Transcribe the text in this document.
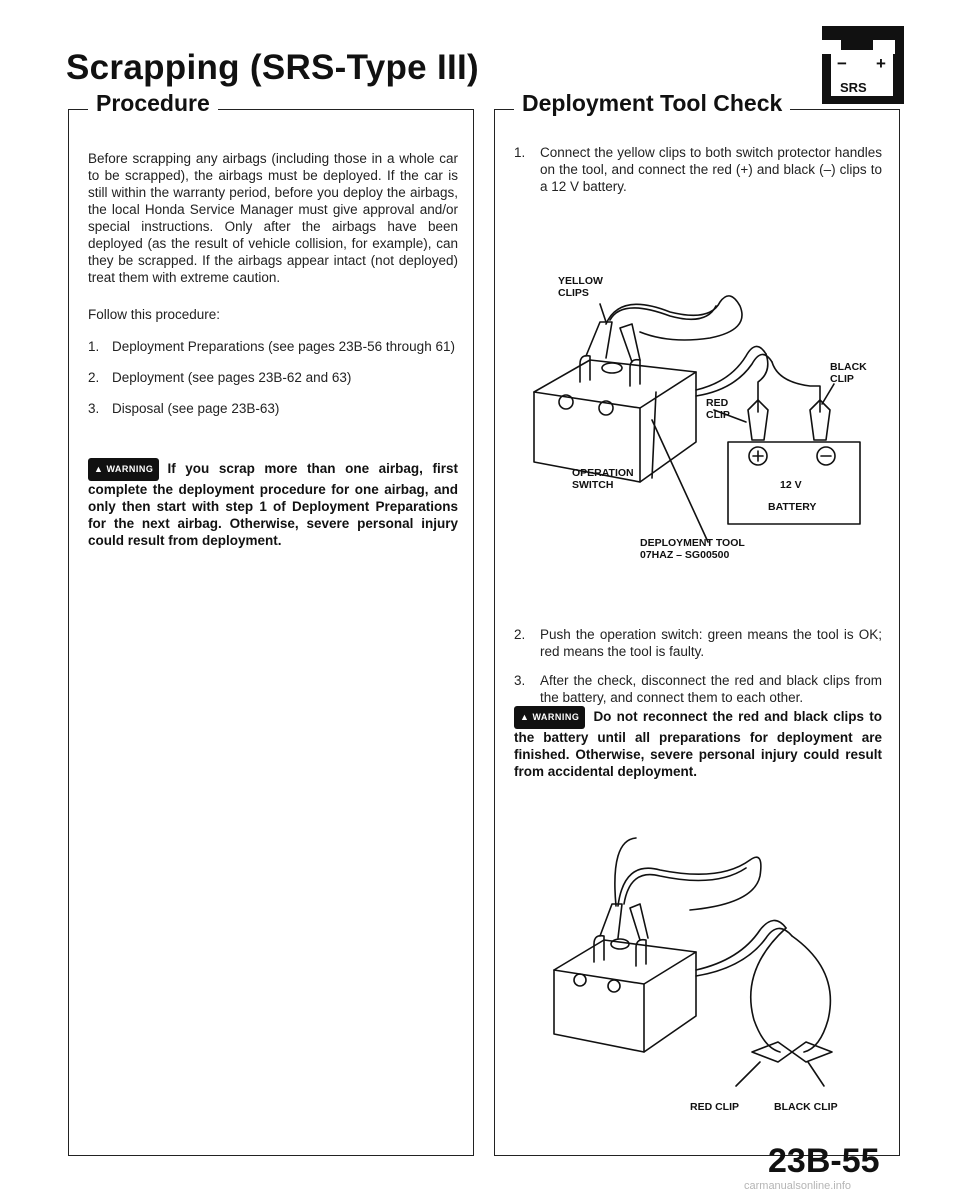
Scrapping (SRS-Type III)	− +
SRS
Procedure

Before scrapping any airbags (including those in a whole car to be scrapped), the airbags must be deployed. If the car is still within the warranty period, before you deploy the airbags, the local Honda Service Manager must give approval and/or special instructions. Only after the airbags have been deployed (as the result of vehicle collision, for example), can they be scrapped. If the airbags appear intact (not deployed) treat them with extreme caution.

Follow this procedure:

1. Deployment Preparations (see pages 23B-56 through 61)
2. Deployment (see pages 23B-62 and 63)
3. Disposal (see page 23B-63)

▲ WARNING If you scrap more than one airbag, first complete the deployment procedure for one airbag, and only then start with step 1 of Deployment Preparations for the next airbag. Otherwise, severe personal injury could result from deployment.

Deployment Tool Check
1. Connect the yellow clips to both switch protector handles on the tool, and connect the red (+) and black (–) clips to a 12 V battery.
YELLOW
CLIPS
BLACK
CLIP
RED
CLIP
OPERATION
SWITCH	12 V
BATTERY
DEPLOYMENT TOOL
07HAZ – SG00500
2. Push the operation switch: green means the tool is OK; red means the tool is faulty.
3. After the check, disconnect the red and black clips from the battery, and connect them to each other.

▲ WARNING Do not reconnect the red and black clips to the battery until all preparations for deployment are finished. Otherwise, severe personal injury could result from accidental deployment.

RED CLIP	BLACK CLIP

23B-55

carmanualsonline.info
